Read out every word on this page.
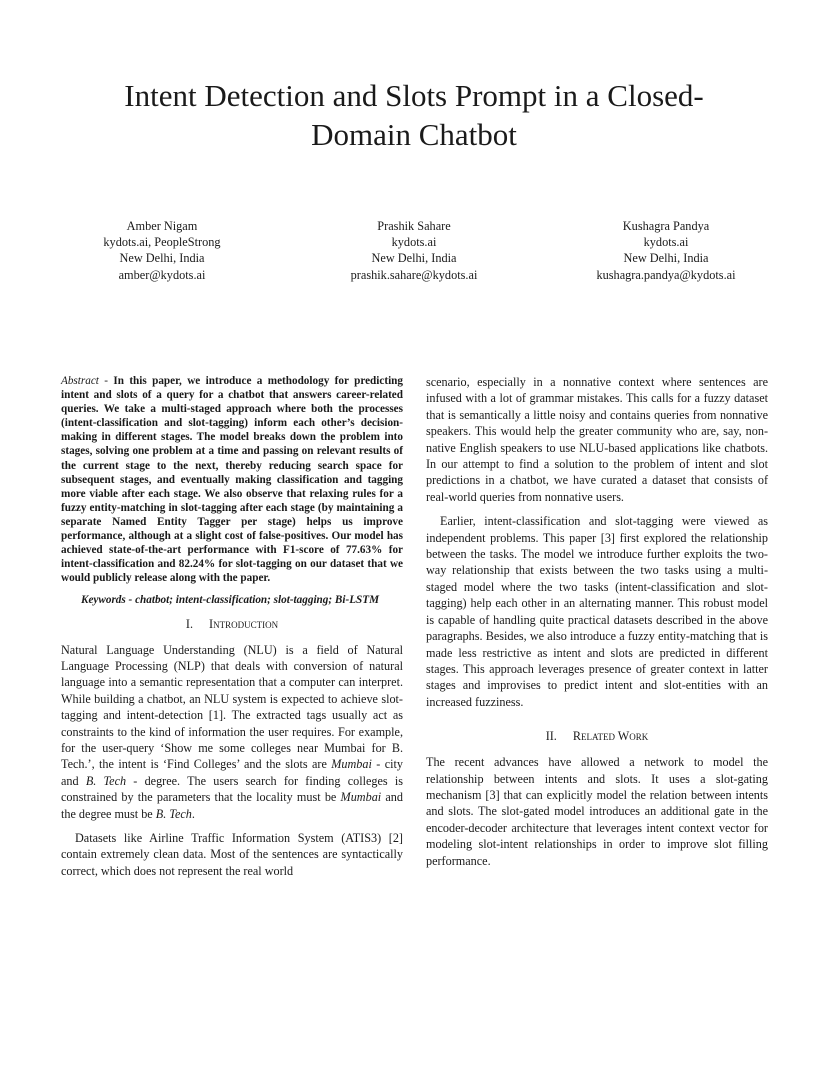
Intent Detection and Slots Prompt in a Closed-Domain Chatbot
Amber Nigam
kydots.ai, PeopleStrong
New Delhi, India
amber@kydots.ai
Prashik Sahare
kydots.ai
New Delhi, India
prashik.sahare@kydots.ai
Kushagra Pandya
kydots.ai
New Delhi, India
kushagra.pandya@kydots.ai

Abstract - In this paper, we introduce a methodology for predicting intent and slots of a query for a chatbot that answers career-related queries. We take a multi-staged approach where both the processes (intent-classification and slot-tagging) inform each other’s decision-making in different stages. The model breaks down the problem into stages, solving one problem at a time and passing on relevant results of the current stage to the next, thereby reducing search space for subsequent stages, and eventually making classification and tagging more viable after each stage. We also observe that relaxing rules for a fuzzy entity-matching in slot-tagging after each stage (by maintaining a separate Named Entity Tagger per stage) helps us improve performance, although at a slight cost of false-positives. Our model has achieved state-of-the-art performance with F1-score of 77.63% for intent-classification and 82.24% for slot-tagging on our dataset that we would publicly release along with the paper.

Keywords - chatbot; intent-classification; slot-tagging; Bi-LSTM

I. Introduction

Natural Language Understanding (NLU) is a field of Natural Language Processing (NLP) that deals with conversion of natural language into a semantic representation that a computer can interpret. While building a chatbot, an NLU system is expected to achieve slot-tagging and intent-detection [1]. The extracted tags usually act as constraints to the kind of information the user requires. For example, for the user-query ‘Show me some colleges near Mumbai for B. Tech.’, the intent is ‘Find Colleges’ and the slots are Mumbai - city and B. Tech - degree. The users search for finding colleges is constrained by the parameters that the locality must be Mumbai and the degree must be B. Tech.

Datasets like Airline Traffic Information System (ATIS3) [2] contain extremely clean data. Most of the sentences are syntactically correct, which does not represent the real world

scenario, especially in a nonnative context where sentences are infused with a lot of grammar mistakes. This calls for a fuzzy dataset that is semantically a little noisy and contains queries from nonnative speakers. This would help the greater community who are, say, non-native English speakers to use NLU-based applications like chatbots. In our attempt to find a solution to the problem of intent and slot predictions in a chatbot, we have curated a dataset that consists of real-world queries from nonnative users.

Earlier, intent-classification and slot-tagging were viewed as independent problems. This paper [3] first explored the relationship between the tasks. The model we introduce further exploits the two-way relationship that exists between the two tasks using a multi-staged model where the two tasks (intent-classification and slot-tagging) help each other in an alternating manner. This robust model is capable of handling quite practical datasets described in the above paragraphs. Besides, we also introduce a fuzzy entity-matching that is made less restrictive as intent and slots are predicted in different stages. This approach leverages presence of greater context in latter stages and improvises to predict intent and slot-entities with an increased fuzziness.

II. Related Work

The recent advances have allowed a network to model the relationship between intents and slots. It uses a slot-gating mechanism [3] that can explicitly model the relation between intents and slots. The slot-gated model introduces an additional gate in the encoder-decoder architecture that leverages intent context vector for modeling slot-intent relationships in order to improve slot filling performance.
